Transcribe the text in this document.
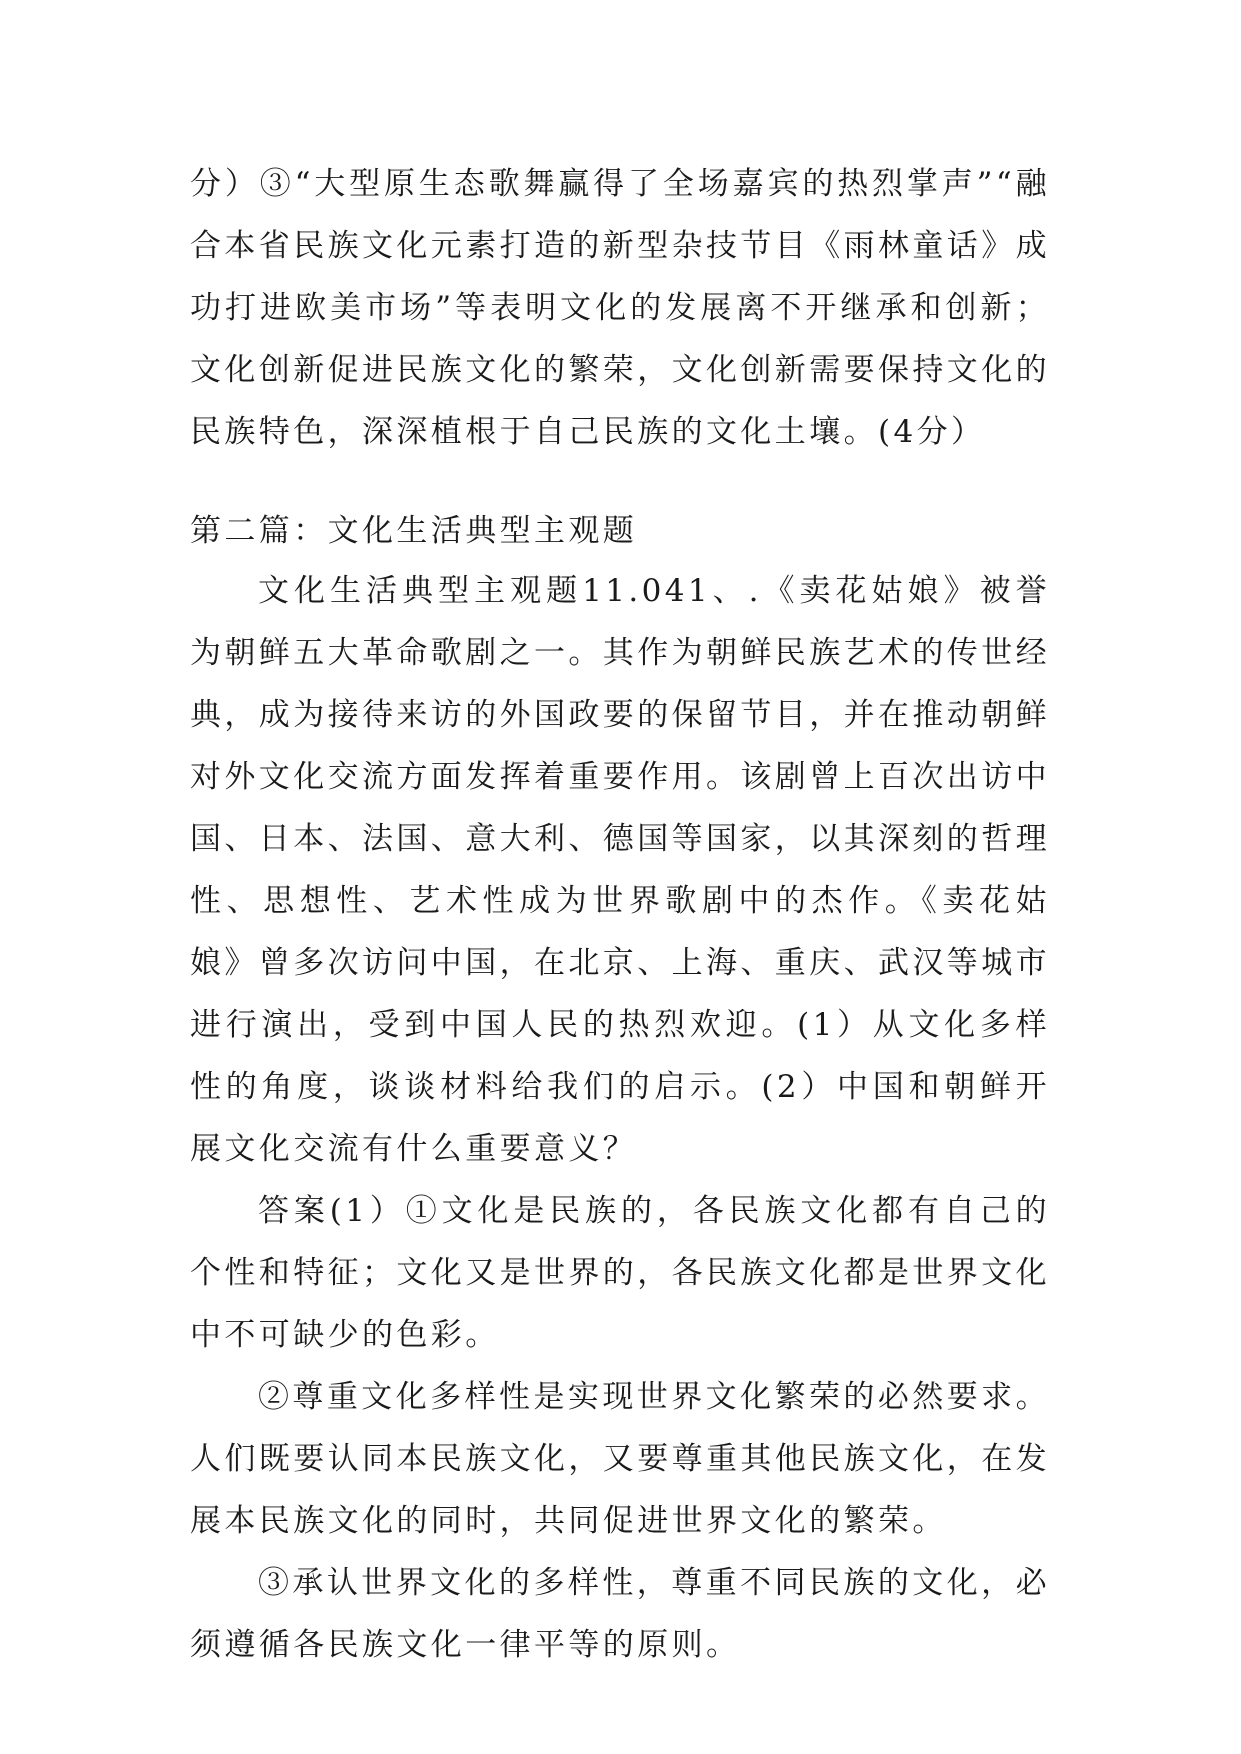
分）③“大型原生态歌舞赢得了全场嘉宾的热烈掌声”“融合本省民族文化元素打造的新型杂技节目《雨林童话》成功打进欧美市场”等表明文化的发展离不开继承和创新；文化创新促进民族文化的繁荣，文化创新需要保持文化的民族特色，深深植根于自己民族的文化土壤。(4分）

第二篇：文化生活典型主观题

文化生活典型主观题11.041、.《卖花姑娘》被誉为朝鲜五大革命歌剧之一。其作为朝鲜民族艺术的传世经典，成为接待来访的外国政要的保留节目，并在推动朝鲜对外文化交流方面发挥着重要作用。该剧曾上百次出访中国、日本、法国、意大利、德国等国家，以其深刻的哲理性、思想性、艺术性成为世界歌剧中的杰作。《卖花姑娘》曾多次访问中国，在北京、上海、重庆、武汉等城市进行演出，受到中国人民的热烈欢迎。(1）从文化多样性的角度，谈谈材料给我们的启示。(2）中国和朝鲜开展文化交流有什么重要意义？

答案(1）①文化是民族的，各民族文化都有自己的个性和特征；文化又是世界的，各民族文化都是世界文化中不可缺少的色彩。

②尊重文化多样性是实现世界文化繁荣的必然要求。人们既要认同本民族文化，又要尊重其他民族文化，在发展本民族文化的同时，共同促进世界文化的繁荣。

③承认世界文化的多样性，尊重不同民族的文化，必须遵循各民族文化一律平等的原则。
